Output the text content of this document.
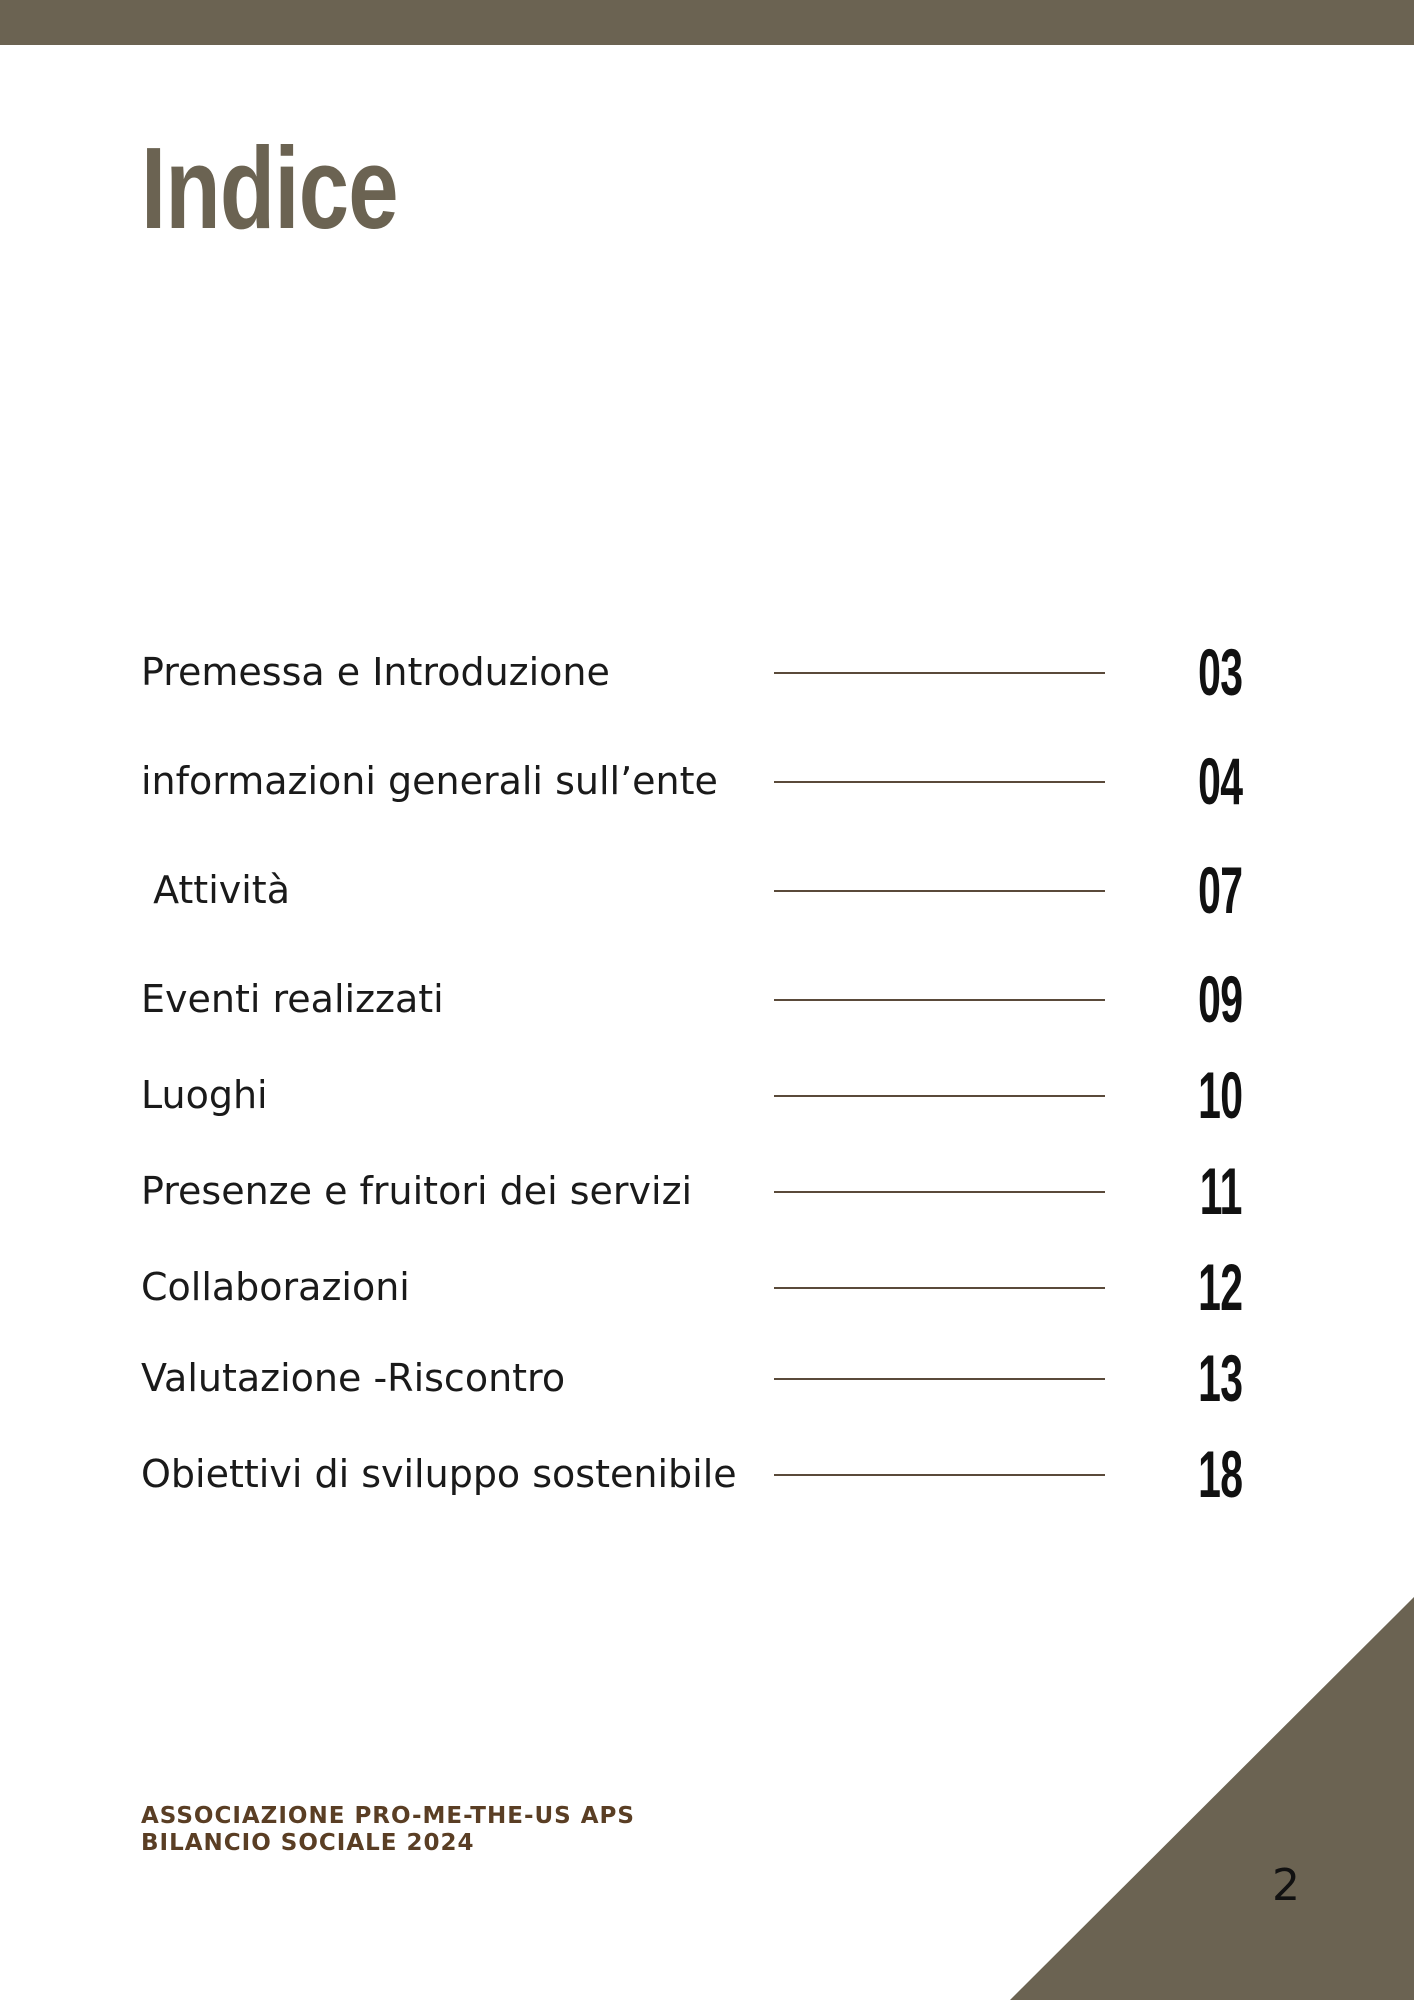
Indice
Premessa e Introduzione	03
informazioni generali sull’ente	04
Attività	07
Eventi realizzati	09
Luoghi	10
Presenze e fruitori dei servizi	11
Collaborazioni	12
Valutazione -Riscontro	13
Obiettivi di sviluppo sostenibile	18
ASSOCIAZIONE PRO-ME-THE-US APS
BILANCIO SOCIALE 2024
2
